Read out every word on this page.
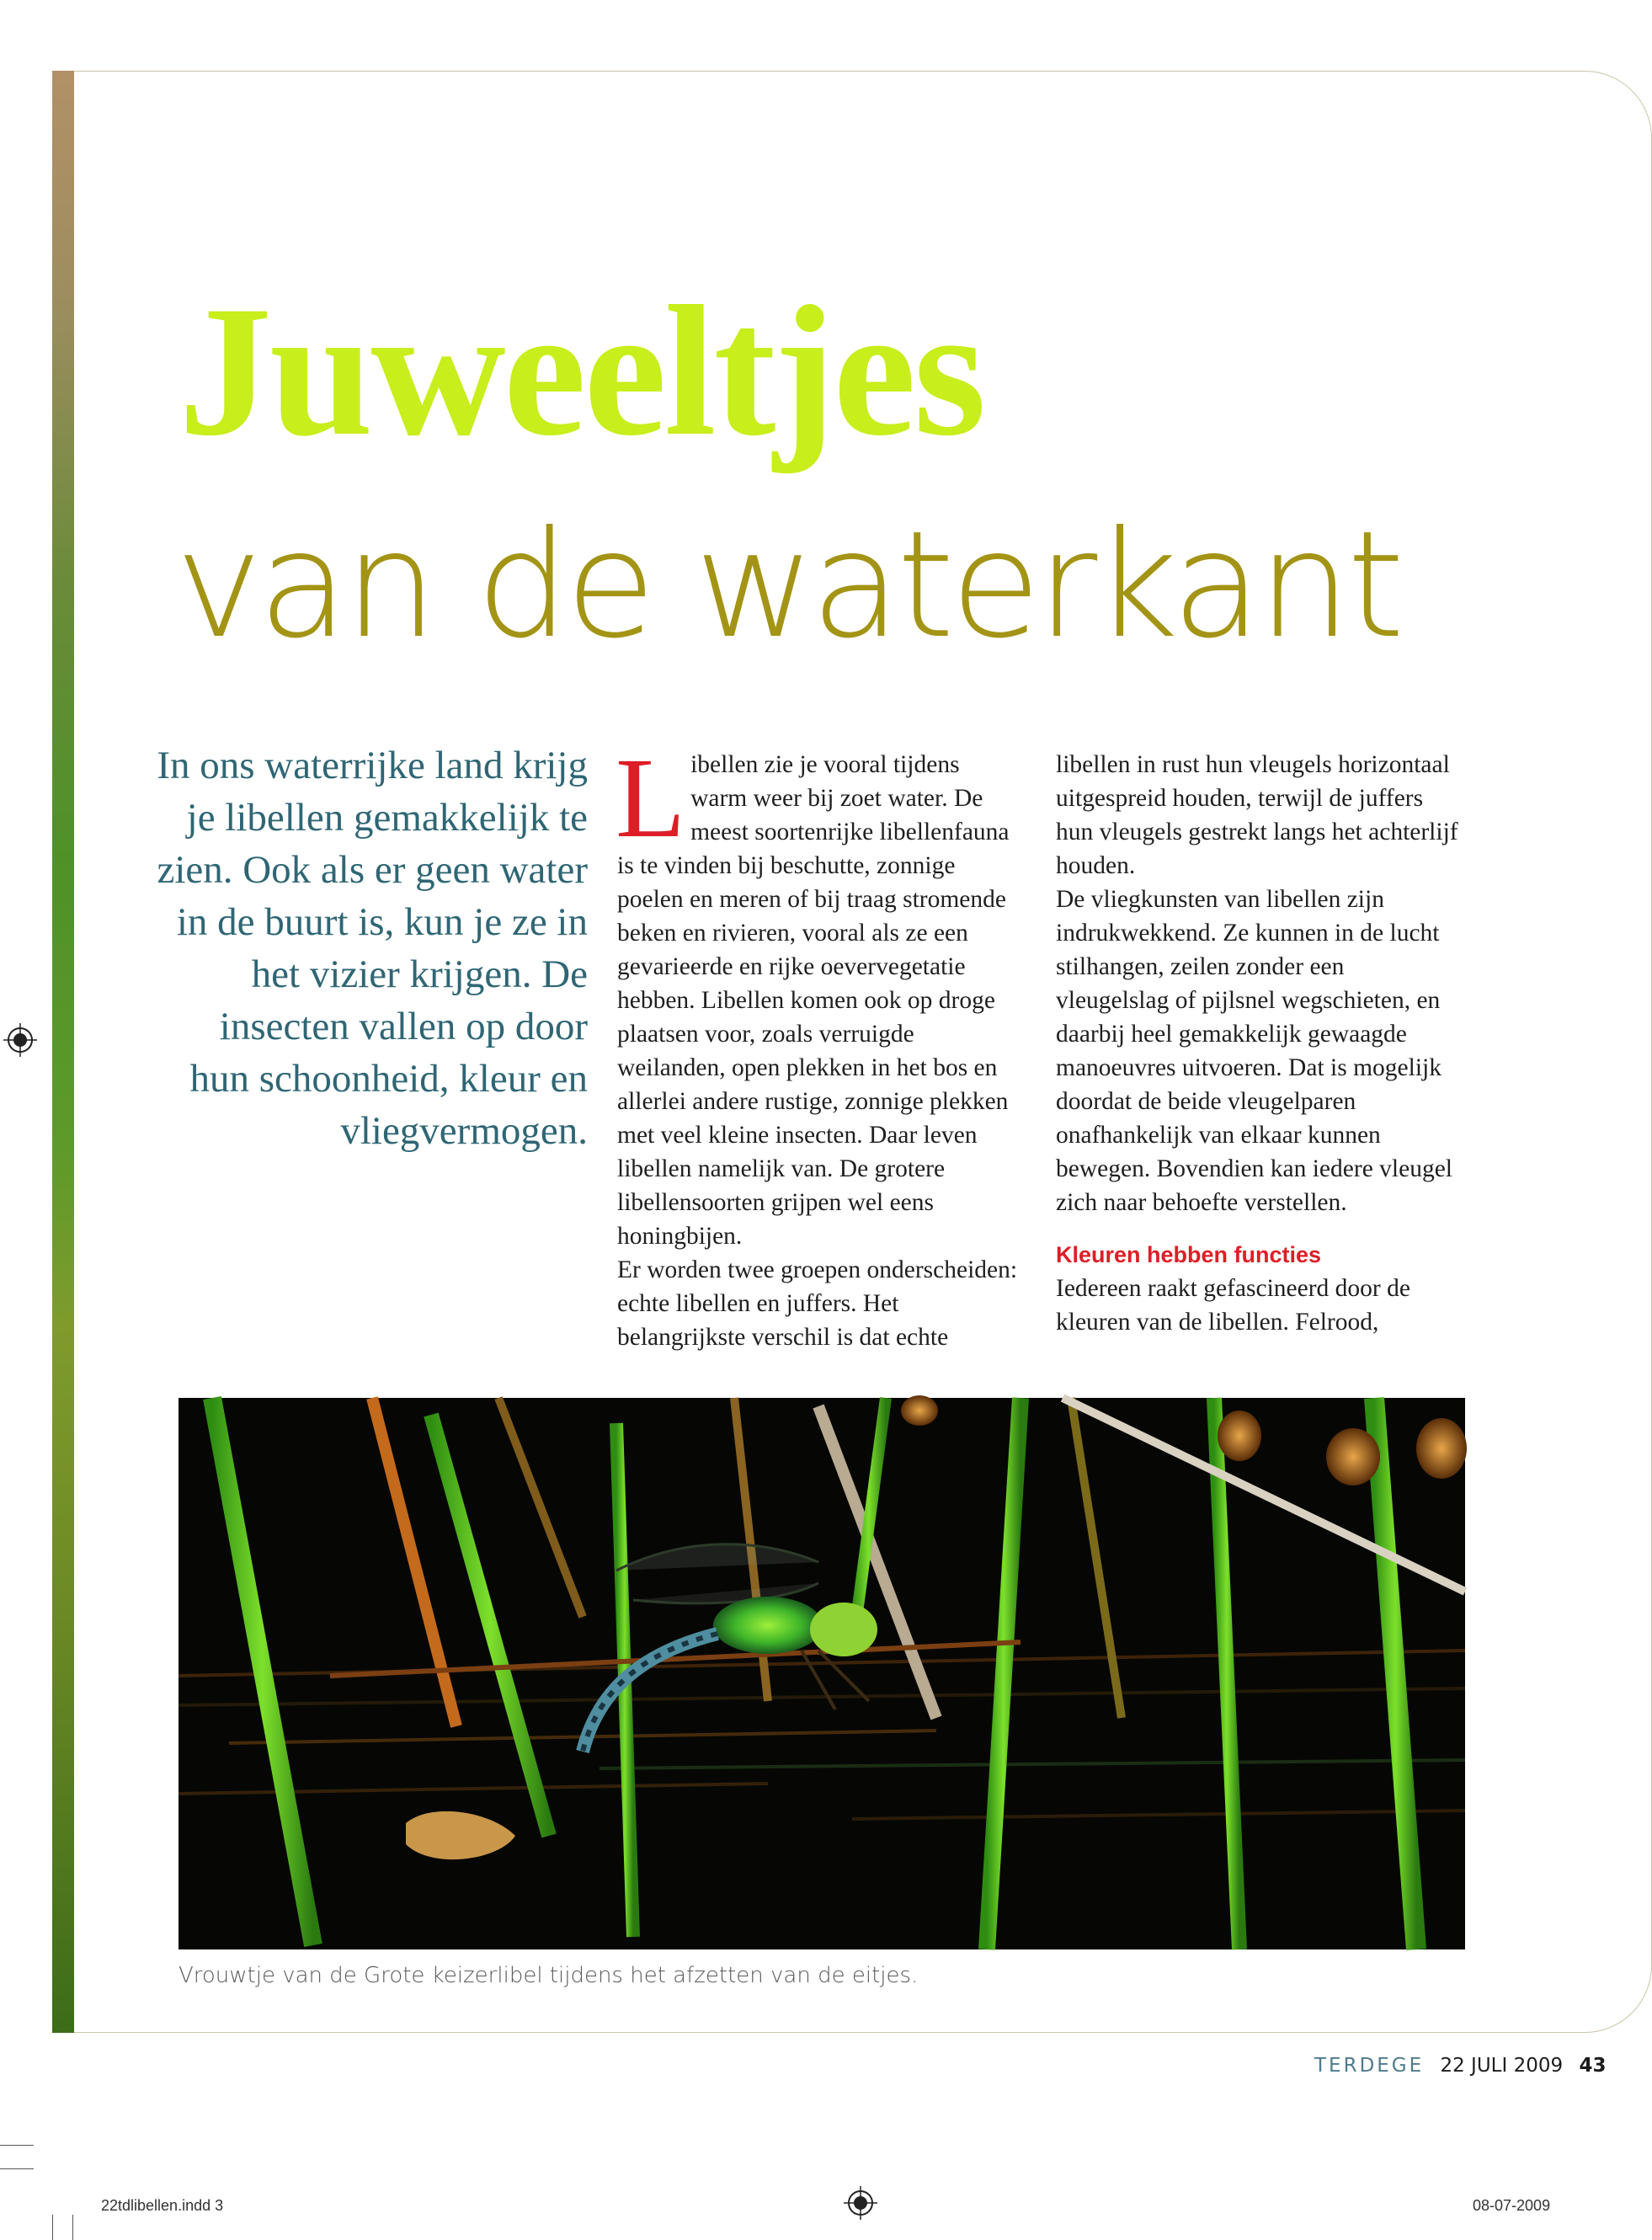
Juweeltjes
van de waterkant
In ons waterrijke land krijg je libellen gemakkelijk te zien. Ook als er geen water in de buurt is, kun je ze in het vizier krijgen. De insecten vallen op door hun schoonheid, kleur en vliegvermogen.

Libellen zie je vooral tijdens warm weer bij zoet water. De meest soortenrijke libellenfauna is te vinden bij beschutte, zonnige poelen en meren of bij traag stromende beken en rivieren, vooral als ze een gevarieerde en rijke oevervegetatie hebben. Libellen komen ook op droge plaatsen voor, zoals verruigde weilanden, open plekken in het bos en allerlei andere rustige, zonnige plekken met veel kleine insecten. Daar leven libellen namelijk van. De grotere libellensoorten grijpen wel eens honingbijen.

Er worden twee groepen onderscheiden: echte libellen en juffers. Het belangrijkste verschil is dat echte

libellen in rust hun vleugels horizontaal uitgespreid houden, terwijl de juffers hun vleugels gestrekt langs het achterlijf houden.

De vliegkunsten van libellen zijn indrukwekkend. Ze kunnen in de lucht stilhangen, zeilen zonder een vleugelslag of pijlsnel wegschieten, en daarbij heel gemakkelijk gewaagde manoeuvres uitvoeren. Dat is mogelijk doordat de beide vleugelparen onafhankelijk van elkaar kunnen bewegen. Bovendien kan iedere vleugel zich naar behoefte verstellen.

Kleuren hebben functies

Iedereen raakt gefascineerd door de kleuren van de libellen. Felrood,

Vrouwtje van de Grote keizerlibel tijdens het afzetten van de eitjes.
TERDEGE 22 JULI 2009 43
22tdlibellen.indd 3	08-07-2009
